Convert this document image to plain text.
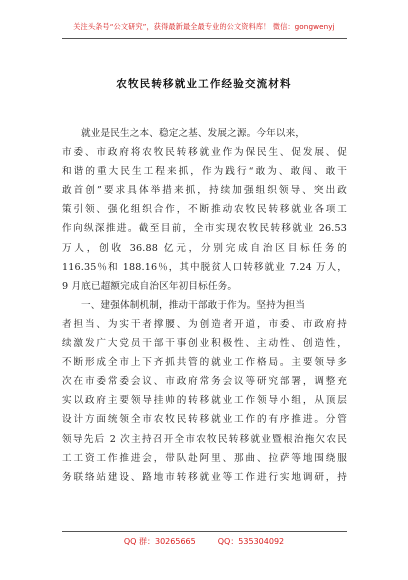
关注头条号“公文研究”，获得最新最全最专业的公文资料库！ 微信：gongwenyj
农牧民转移就业工作经验交流材料
就业是民生之本、稳定之基、发展之源。今年以来，
市委、市政府将农牧民转移就业作为保民生、促发展、促
和谐的重大民生工程来抓，作为践行“敢为、敢闯、敢干
敢首创”要求具体举措来抓，持续加强组织领导、突出政
策引领、强化组织合作，不断推动农牧民转移就业各项工
作向纵深推进。截至目前，全市实现农牧民转移就业 26.53
万人，创收 36.88 亿元，分别完成自治区目标任务的
116.35％和 188.16％，其中脱贫人口转移就业 7.24 万人，
9 月底已超额完成自治区年初目标任务。
一、建强体制机制，推动干部敢于作为。坚持为担当
者担当、为实干者撑腰、为创造者开道，市委、市政府持
续激发广大党员干部干事创业积极性、主动性、创造性，
不断形成全市上下齐抓共管的就业工作格局。主要领导多
次在市委常委会议、市政府常务会议等研究部署，调整充
实以政府主要领导挂帅的转移就业工作领导小组，从顶层
设计方面统领全市农牧民转移就业工作的有序推进。分管
领导先后 2 次主持召开全市农牧民转移就业暨根治拖欠农民
工工资工作推进会，带队赴阿里、那曲、拉萨等地围绕服
务联络站建设、路地市转移就业等工作进行实地调研，持
QQ 群：30265665	QQ：535304092
